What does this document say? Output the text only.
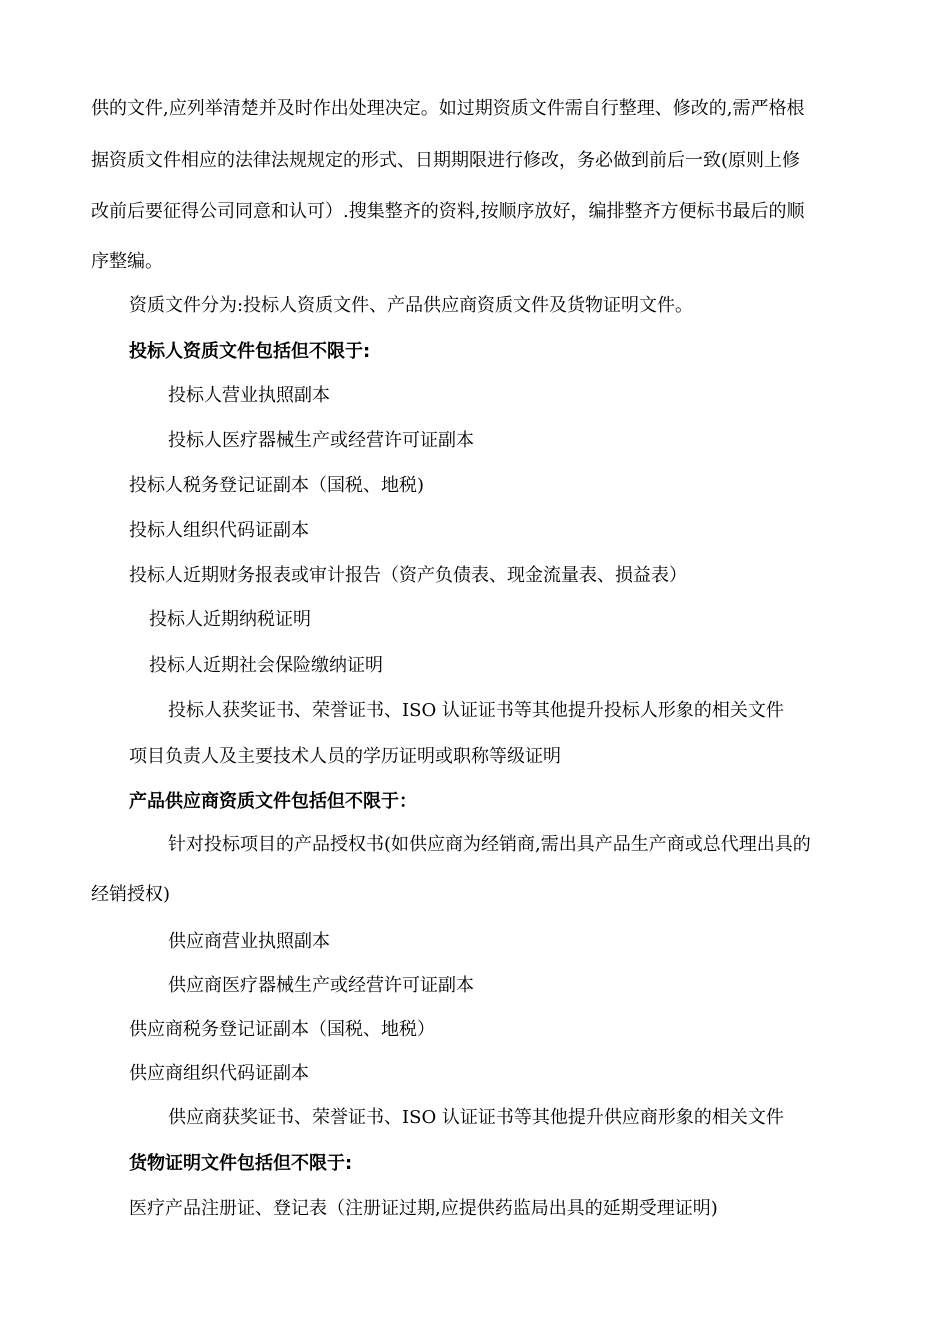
供的文件,应列举清楚并及时作出处理决定。如过期资质文件需自行整理、修改的,需严格根
据资质文件相应的法律法规规定的形式、日期期限进行修改，务必做到前后一致(原则上修
改前后要征得公司同意和认可）.搜集整齐的资料,按顺序放好，编排整齐方便标书最后的顺
序整编。
资质文件分为:投标人资质文件、产品供应商资质文件及货物证明文件。
投标人资质文件包括但不限于:
投标人营业执照副本
投标人医疗器械生产或经营许可证副本
投标人税务登记证副本（国税、地税)
投标人组织代码证副本
投标人近期财务报表或审计报告（资产负债表、现金流量表、损益表）
投标人近期纳税证明
投标人近期社会保险缴纳证明
投标人获奖证书、荣誉证书、ISO 认证证书等其他提升投标人形象的相关文件
项目负责人及主要技术人员的学历证明或职称等级证明
产品供应商资质文件包括但不限于：
针对投标项目的产品授权书(如供应商为经销商,需出具产品生产商或总代理出具的
经销授权)
供应商营业执照副本
供应商医疗器械生产或经营许可证副本
供应商税务登记证副本（国税、地税）
供应商组织代码证副本
供应商获奖证书、荣誉证书、ISO 认证证书等其他提升供应商形象的相关文件
货物证明文件包括但不限于:
医疗产品注册证、登记表（注册证过期,应提供药监局出具的延期受理证明)
